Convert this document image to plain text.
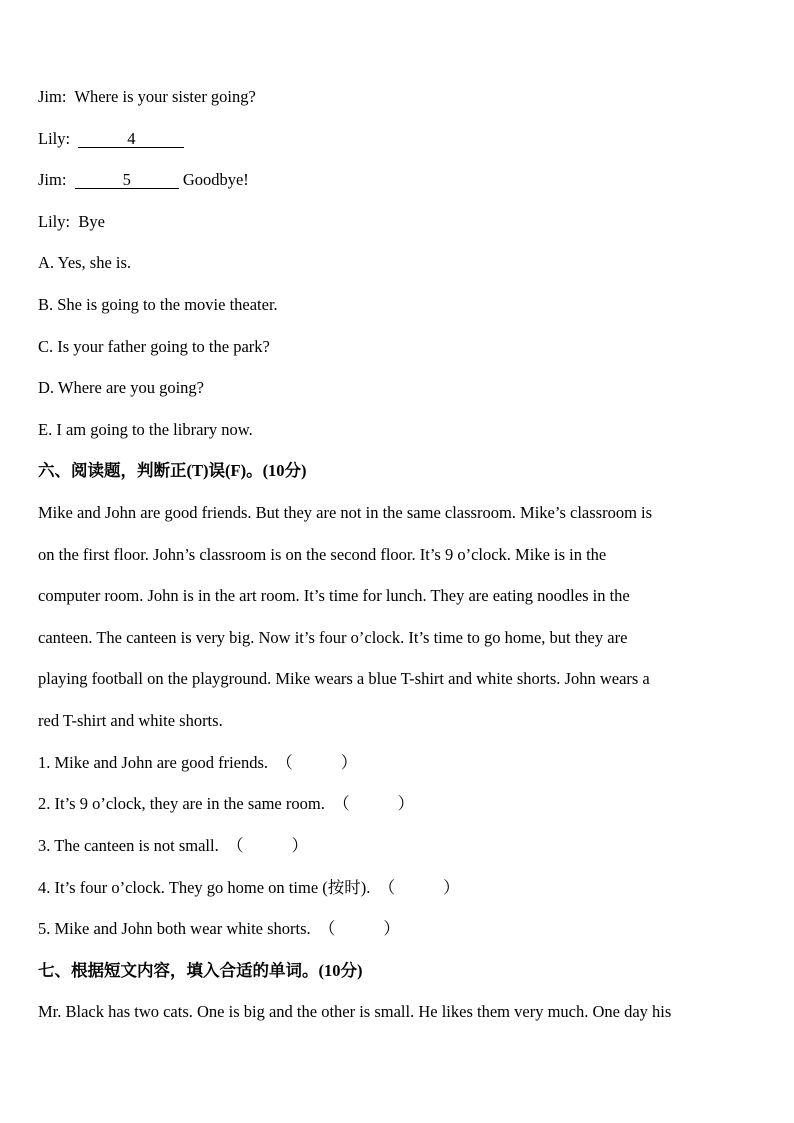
Jim: Where is your sister going?
Lily:	4
Jim:	5	Goodbye!
Lily: Bye
A. Yes, she is.
B. She is going to the movie theater.
C. Is your father going to the park?
D. Where are you going?
E. I am going to the library now.
六、阅读题，判断正(T)误(F)。(10分)
Mike and John are good friends. But they are not in the same classroom. Mike’s classroom is
on the first floor. John’s classroom is on the second floor. It’s 9 o’clock. Mike is in the
computer room. John is in the art room. It’s time for lunch. They are eating noodles in the
canteen. The canteen is very big. Now it’s four o’clock. It’s time to go home, but they are
playing football on the playground. Mike wears a blue T-shirt and white shorts. John wears a
red T-shirt and white shorts.
1. Mike and John are good friends. （	）
2. It’s 9 o’clock, they are in the same room. （	）
3. The canteen is not small. （	）
4. It’s four o’clock. They go home on time (按时). （	）
5. Mike and John both wear white shorts. （	）
七、根据短文内容，填入合适的单词。(10分)
Mr. Black has two cats. One is big and the other is small. He likes them very much. One day his
